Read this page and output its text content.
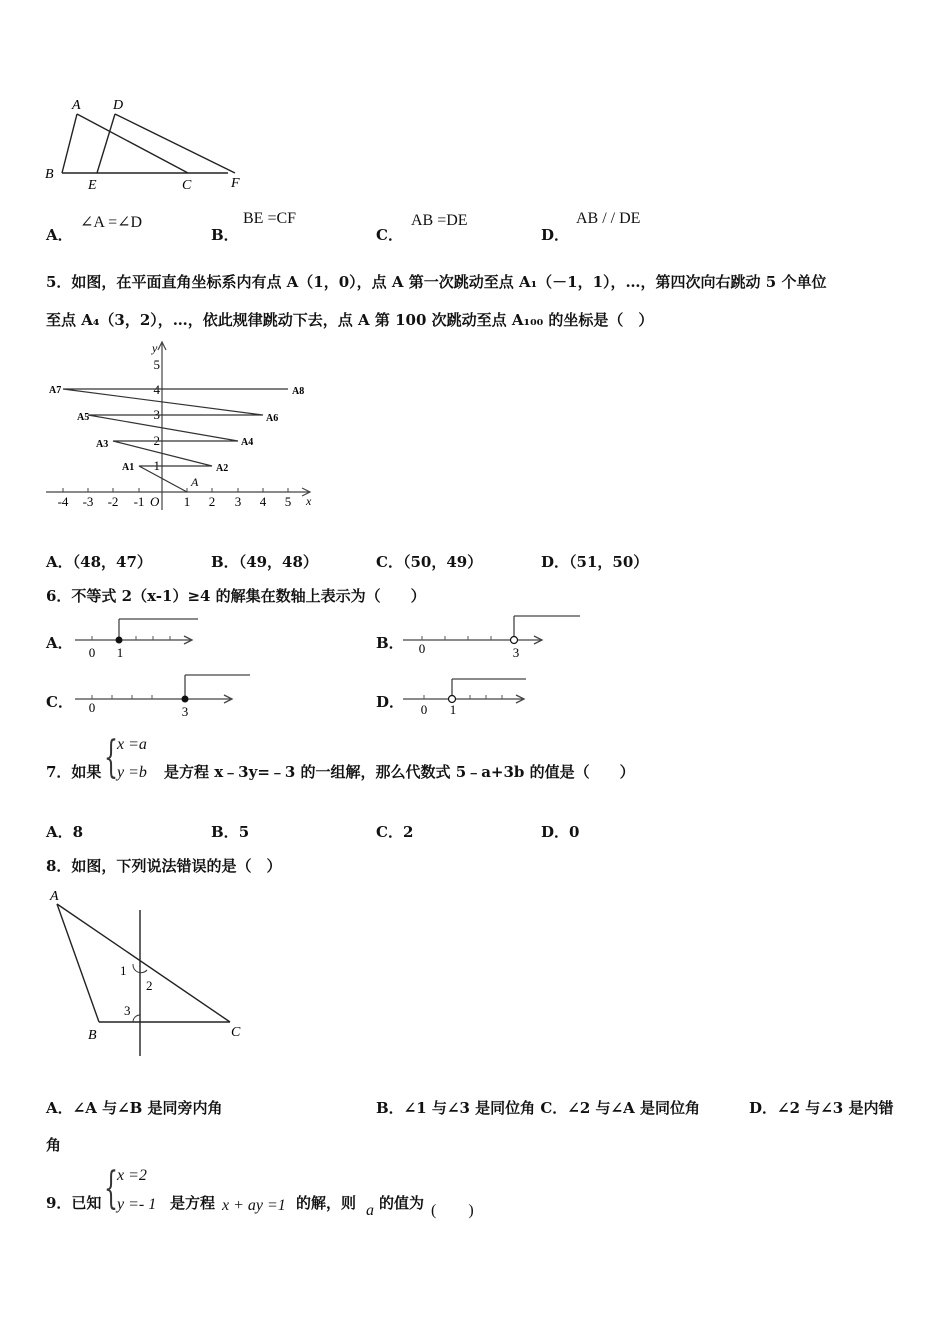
A D
B
E	C	F
A．
∠A =∠D
B．
BE =CF
C．
AB =DE
D．
AB / / DE
5．如图，在平面直角坐标系内有点 A（1，0），点 A 第一次跳动至点 A₁（－1，1），…，第四次向右跳动 5 个单位
至点 A₄（3，2），…，依此规律跳动下去，点 A 第 100 次跳动至点 A₁₀₀ 的坐标是（　）
x
y
O
-4 -3 -2 -1	1 2 3 4 5
1
2
3
4
5
A
A1	A2
A3	A4
A5	A6
A7	A8
A．（48，47）	B．（49，48）	C．（50，49）	D．（51，50）
6．不等式 2（x-1）≥4 的解集在数轴上表示为（　　）
A．
0 1
B． 0	3
C． 0	3
D． 0 1
7．如果 { x =a
y =b 是方程 x﹣3y=﹣3 的一组解，那么代数式 5﹣a+3b 的值是（　　）
A．8	B．5	C．2	D．0
8．如图，下列说法错误的是（　）
A
B	C
1
2
3
A．∠A 与∠B 是同旁内角	B．∠1 与∠3 是同位角 C．∠2 与∠A 是同位角	D．∠2 与∠3 是内错
角
9．已知 { x =2
y =- 1 是方程 x + ay =1 的解，则 a 的值为 (　　)
